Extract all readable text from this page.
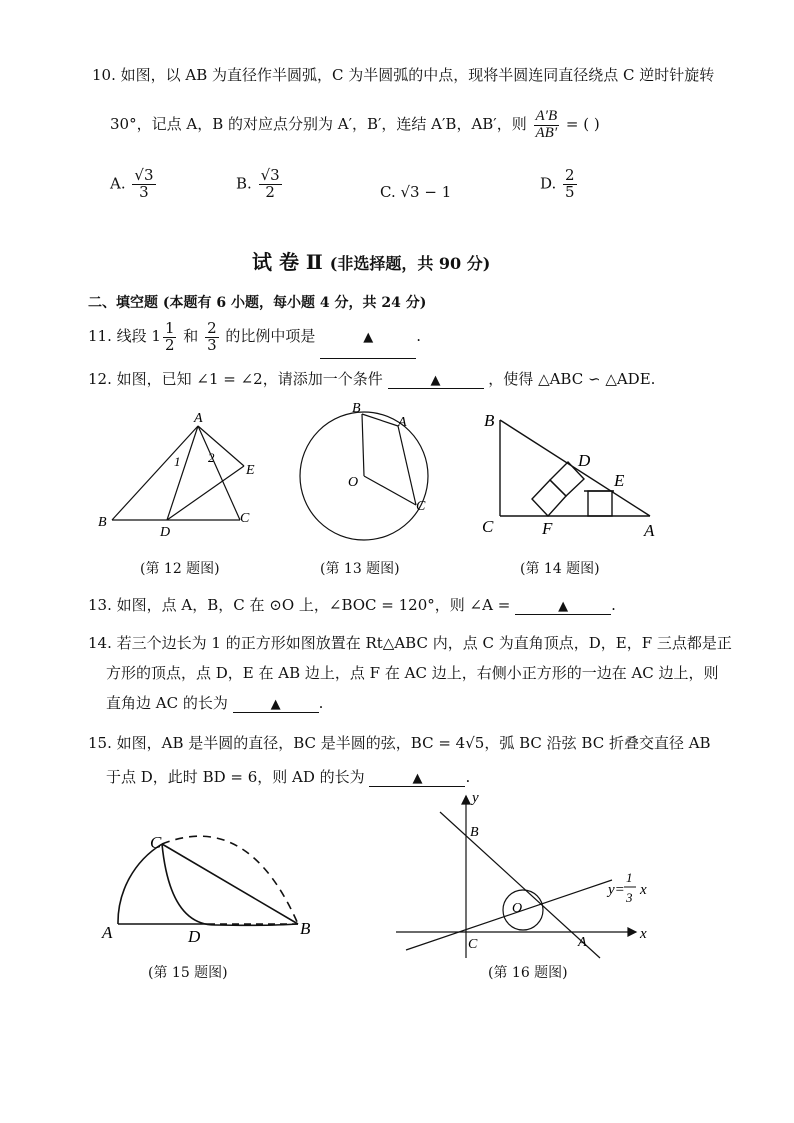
10. 如图，以 AB 为直径作半圆弧，C 为半圆弧的中点，现将半圆连同直径绕点 C 逆时针旋转
30°，记点 A，B 的对应点分别为 A′，B′，连结 A′B，AB′，则 $\frac{A'B}{AB'}$ = ( )
A. $\frac{√3}{3}$	B. $\frac{√3}{2}$	C. √3 − 1	D. $\frac{2}{5}$
试 卷 Ⅱ (非选择题，共 90 分)
二、填空题 (本题有 6 小题，每小题 4 分，共 24 分)
11. 线段 $1 \frac{1}{2}$ 和 $\frac{2}{3}$ 的比例中项是	▲	.
12. 如图，已知 ∠1 = ∠2，请添加一个条件	▲	，使得 △ABC ∽ △ADE.
A
B	C
D
E
1 2
(第 12 题图)
B
A
C
O
(第 13 题图)
B
C	A
D
E
F
(第 14 题图)
13. 如图，点 A，B，C 在 ⊙O 上，∠BOC = 120°，则 ∠A =	▲	.
14. 若三个边长为 1 的正方形如图放置在 Rt△ABC 内，点 C 为直角顶点，D，E，F 三点都是正
方形的顶点，点 D，E 在 AB 边上，点 F 在 AC 边上，右侧小正方形的一边在 AC 边上，则
直角边 AC 的长为	▲	.
15. 如图，AB 是半圆的直径，BC 是半圆的弦，BC = 4√5，弧 BC 沿弦 BC 折叠交直径 AB
于点 D，此时 BD = 6，则 AD 的长为	▲	.
A
C
D	B
(第 15 题图)
B
C	A
O
x
y
y=
1
3 x
(第 16 题图)
